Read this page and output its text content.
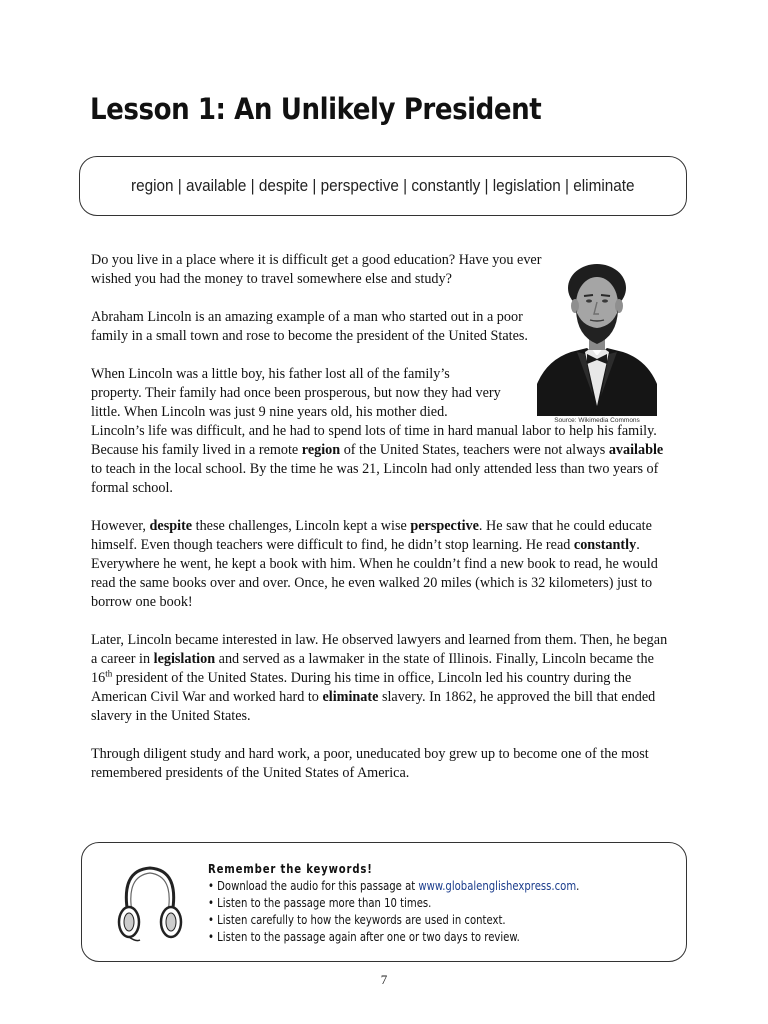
Lesson 1: An Unlikely President
region | available | despite | perspective | constantly | legislation | eliminate
Source: Wikimedia Commons

Do you live in a place where it is difficult get a good education? Have you ever wished you had the money to travel somewhere else and study?

Abraham Lincoln is an amazing example of a man who started out in a poor family in a small town and rose to become the president of the United States.

When Lincoln was a little boy, his father lost all of the family’s property. Their family had once been prosperous, but now they had very little. When Lincoln was just 9 nine years old, his mother died.
Lincoln’s life was difficult, and he had to spend lots of time in hard manual labor to help his family. Because his family lived in a remote region of the United States, teachers were not always available to teach in the local school. By the time he was 21, Lincoln had only attended less than two years of formal school.

However, despite these challenges, Lincoln kept a wise perspective. He saw that he could educate himself. Even though teachers were difficult to find, he didn’t stop learning. He read constantly. Everywhere he went, he kept a book with him. When he couldn’t find a new book to read, he would read the same books over and over. Once, he even walked 20 miles (which is 32 kilometers) just to borrow one book!

Later, Lincoln became interested in law. He observed lawyers and learned from them. Then, he began a career in legislation and served as a lawmaker in the state of Illinois. Finally, Lincoln became the 16th president of the United States. During his time in office, Lincoln led his country during the American Civil War and worked hard to eliminate slavery. In 1862, he approved the bill that ended slavery in the United States.

Through diligent study and hard work, a poor, uneducated boy grew up to become one of the most remembered presidents of the United States of America.

Remember the keywords!
• Download the audio for this passage at www.globalenglishexpress.com.
• Listen to the passage more than 10 times.
• Listen carefully to how the keywords are used in context.
• Listen to the passage again after one or two days to review.
7
